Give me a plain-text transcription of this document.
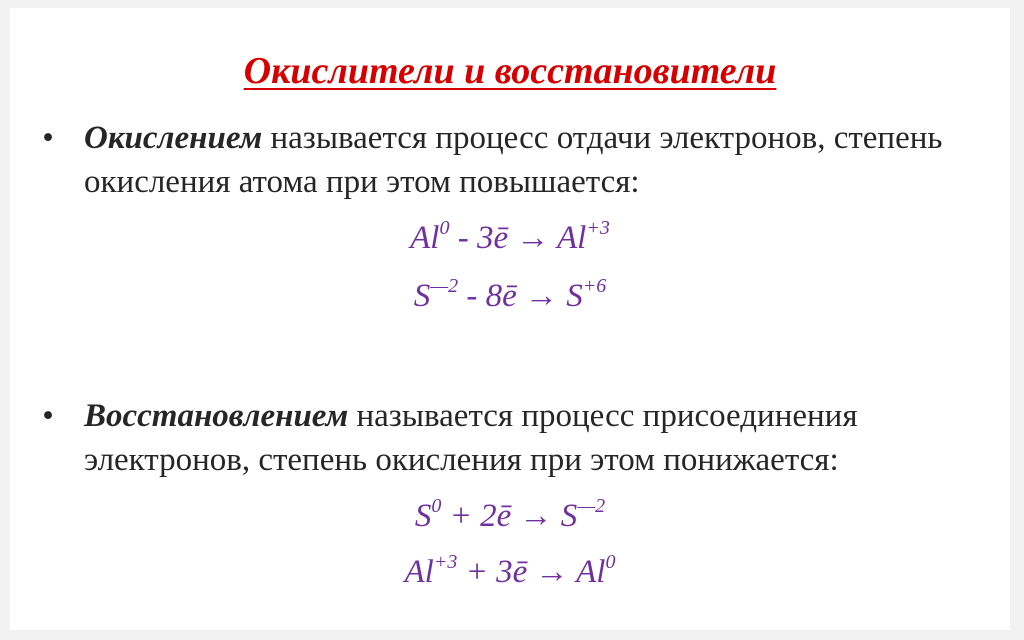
Окислители и восстановители
• Окислением называется процесс отдачи электронов, степень окисления атома при этом повышается:
Al$^0$ - 3ē → $Al^{+3}$
$S^{—2}$ - 8ē → $S^{+6}$
• Восстановлением называется процесс присоединения электронов, степень окисления при этом понижается:
$S^0$ + 2ē → $S^{—2}$
$Al^{+3}$ + 3ē → $Al^0$
